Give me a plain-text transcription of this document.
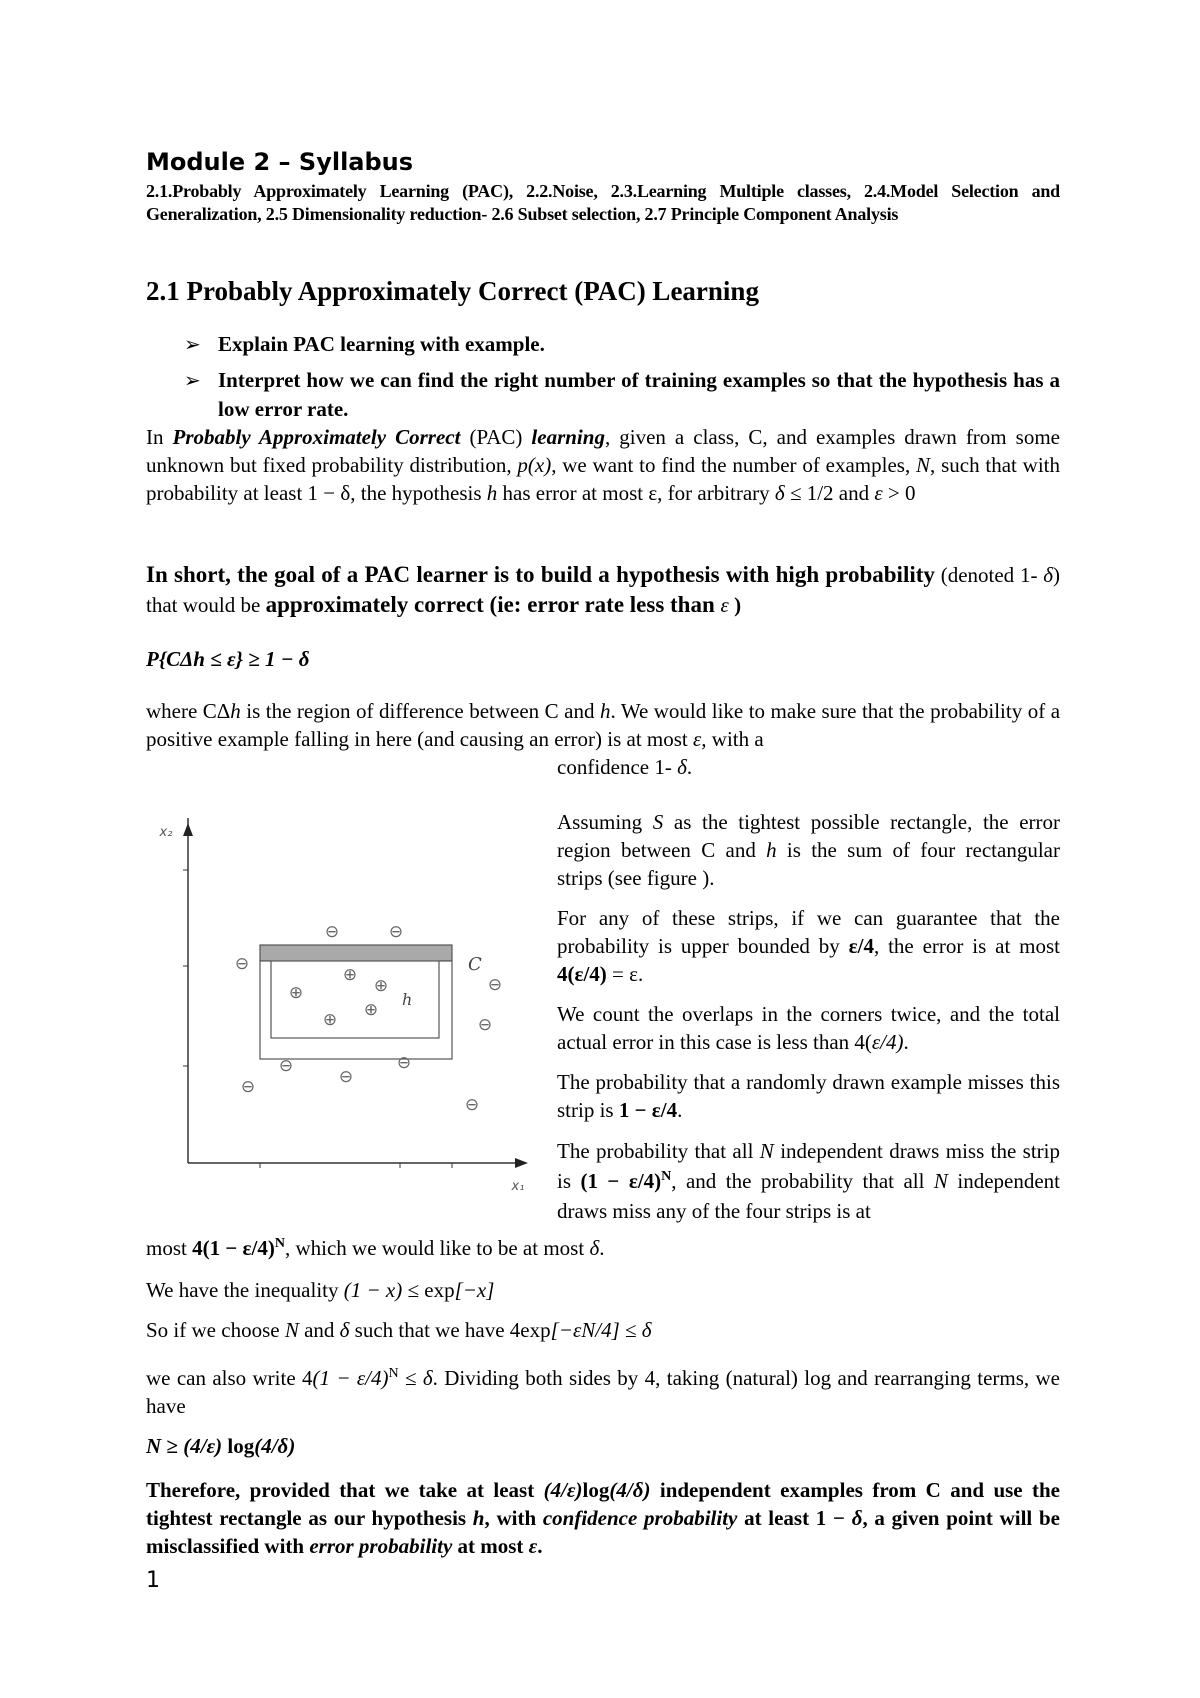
Module 2 – Syllabus
2.1.Probably Approximately Learning (PAC), 2.2.Noise, 2.3.Learning Multiple classes, 2.4.Model Selection and Generalization, 2.5 Dimensionality reduction- 2.6 Subset selection, 2.7 Principle Component Analysis
2.1 Probably Approximately Correct (PAC) Learning
➢ Explain PAC learning with example.
➢ Interpret how we can find the right number of training examples so that the hypothesis has a low error rate.
In Probably Approximately Correct (PAC) learning, given a class, C, and examples drawn from some unknown but fixed probability distribution, p(x), we want to find the number of examples, N, such that with probability at least 1 − δ, the hypothesis h has error at most ε, for arbitrary δ ≤ 1/2 and ε > 0
In short, the goal of a PAC learner is to build a hypothesis with high probability (denoted 1- δ) that would be approximately correct (ie: error rate less than ε )
P{CΔh ≤ ε} ≥ 1 − δ
where CΔh is the region of difference between C and h. We would like to make sure that the probability of a positive example falling in here (and causing an error) is at most ε, with a
confidence 1- δ.
x₂
x₁
C
h
⊖	⊖
⊖
⊖
⊖
⊖	⊖
⊖
⊖
⊖
⊕
⊕
⊕
⊕
⊕
Assuming S as the tightest possible rectangle, the error region between C and h is the sum of four rectangular strips (see figure ).
For any of these strips, if we can guarantee that the probability is upper bounded by ε/4, the error is at most 4(ε/4) = ε.
We count the overlaps in the corners twice, and the total actual error in this case is less than 4(ε/4).
The probability that a randomly drawn example misses this strip is 1 − ε/4.
The probability that all N independent draws miss the strip is $(1 - \varepsilon/4)^N$, and the probability that all N independent draws miss any of the four strips is at
most $4(1 - \varepsilon/4)^N$, which we would like to be at most δ.
We have the inequality (1 − x) ≤ exp[−x]
So if we choose N and δ such that we have 4exp[−εN/4] ≤ δ
we can also write $4(1 - \varepsilon/4)^N \le \delta$. Dividing both sides by 4, taking (natural) log and rearranging terms, we have
N ≥ (4/ε) log(4/δ)
Therefore, provided that we take at least (4/ε)log(4/δ) independent examples from C and use the tightest rectangle as our hypothesis h, with confidence probability at least 1 − δ, a given point will be misclassified with error probability at most ε.
1
